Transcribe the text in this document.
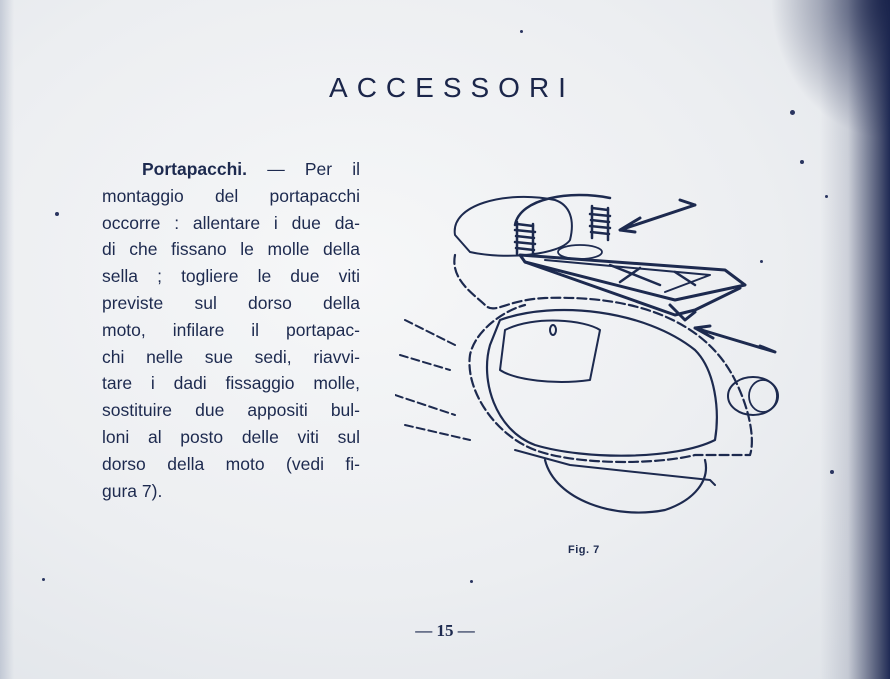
ACCESSORI
Portapacchi. — Per il
montaggio del portapacchi
occorre : allentare i due da-
di che fissano le molle della
sella ; togliere le due viti
previste sul dorso della
moto, infilare il portapac-
chi nelle sue sedi, riavvi-
tare i dadi fissaggio molle,
sostituire due appositi bul-
loni al posto delle viti sul
dorso della moto (vedi fi-
gura 7).
Fig. 7
— 15 —
